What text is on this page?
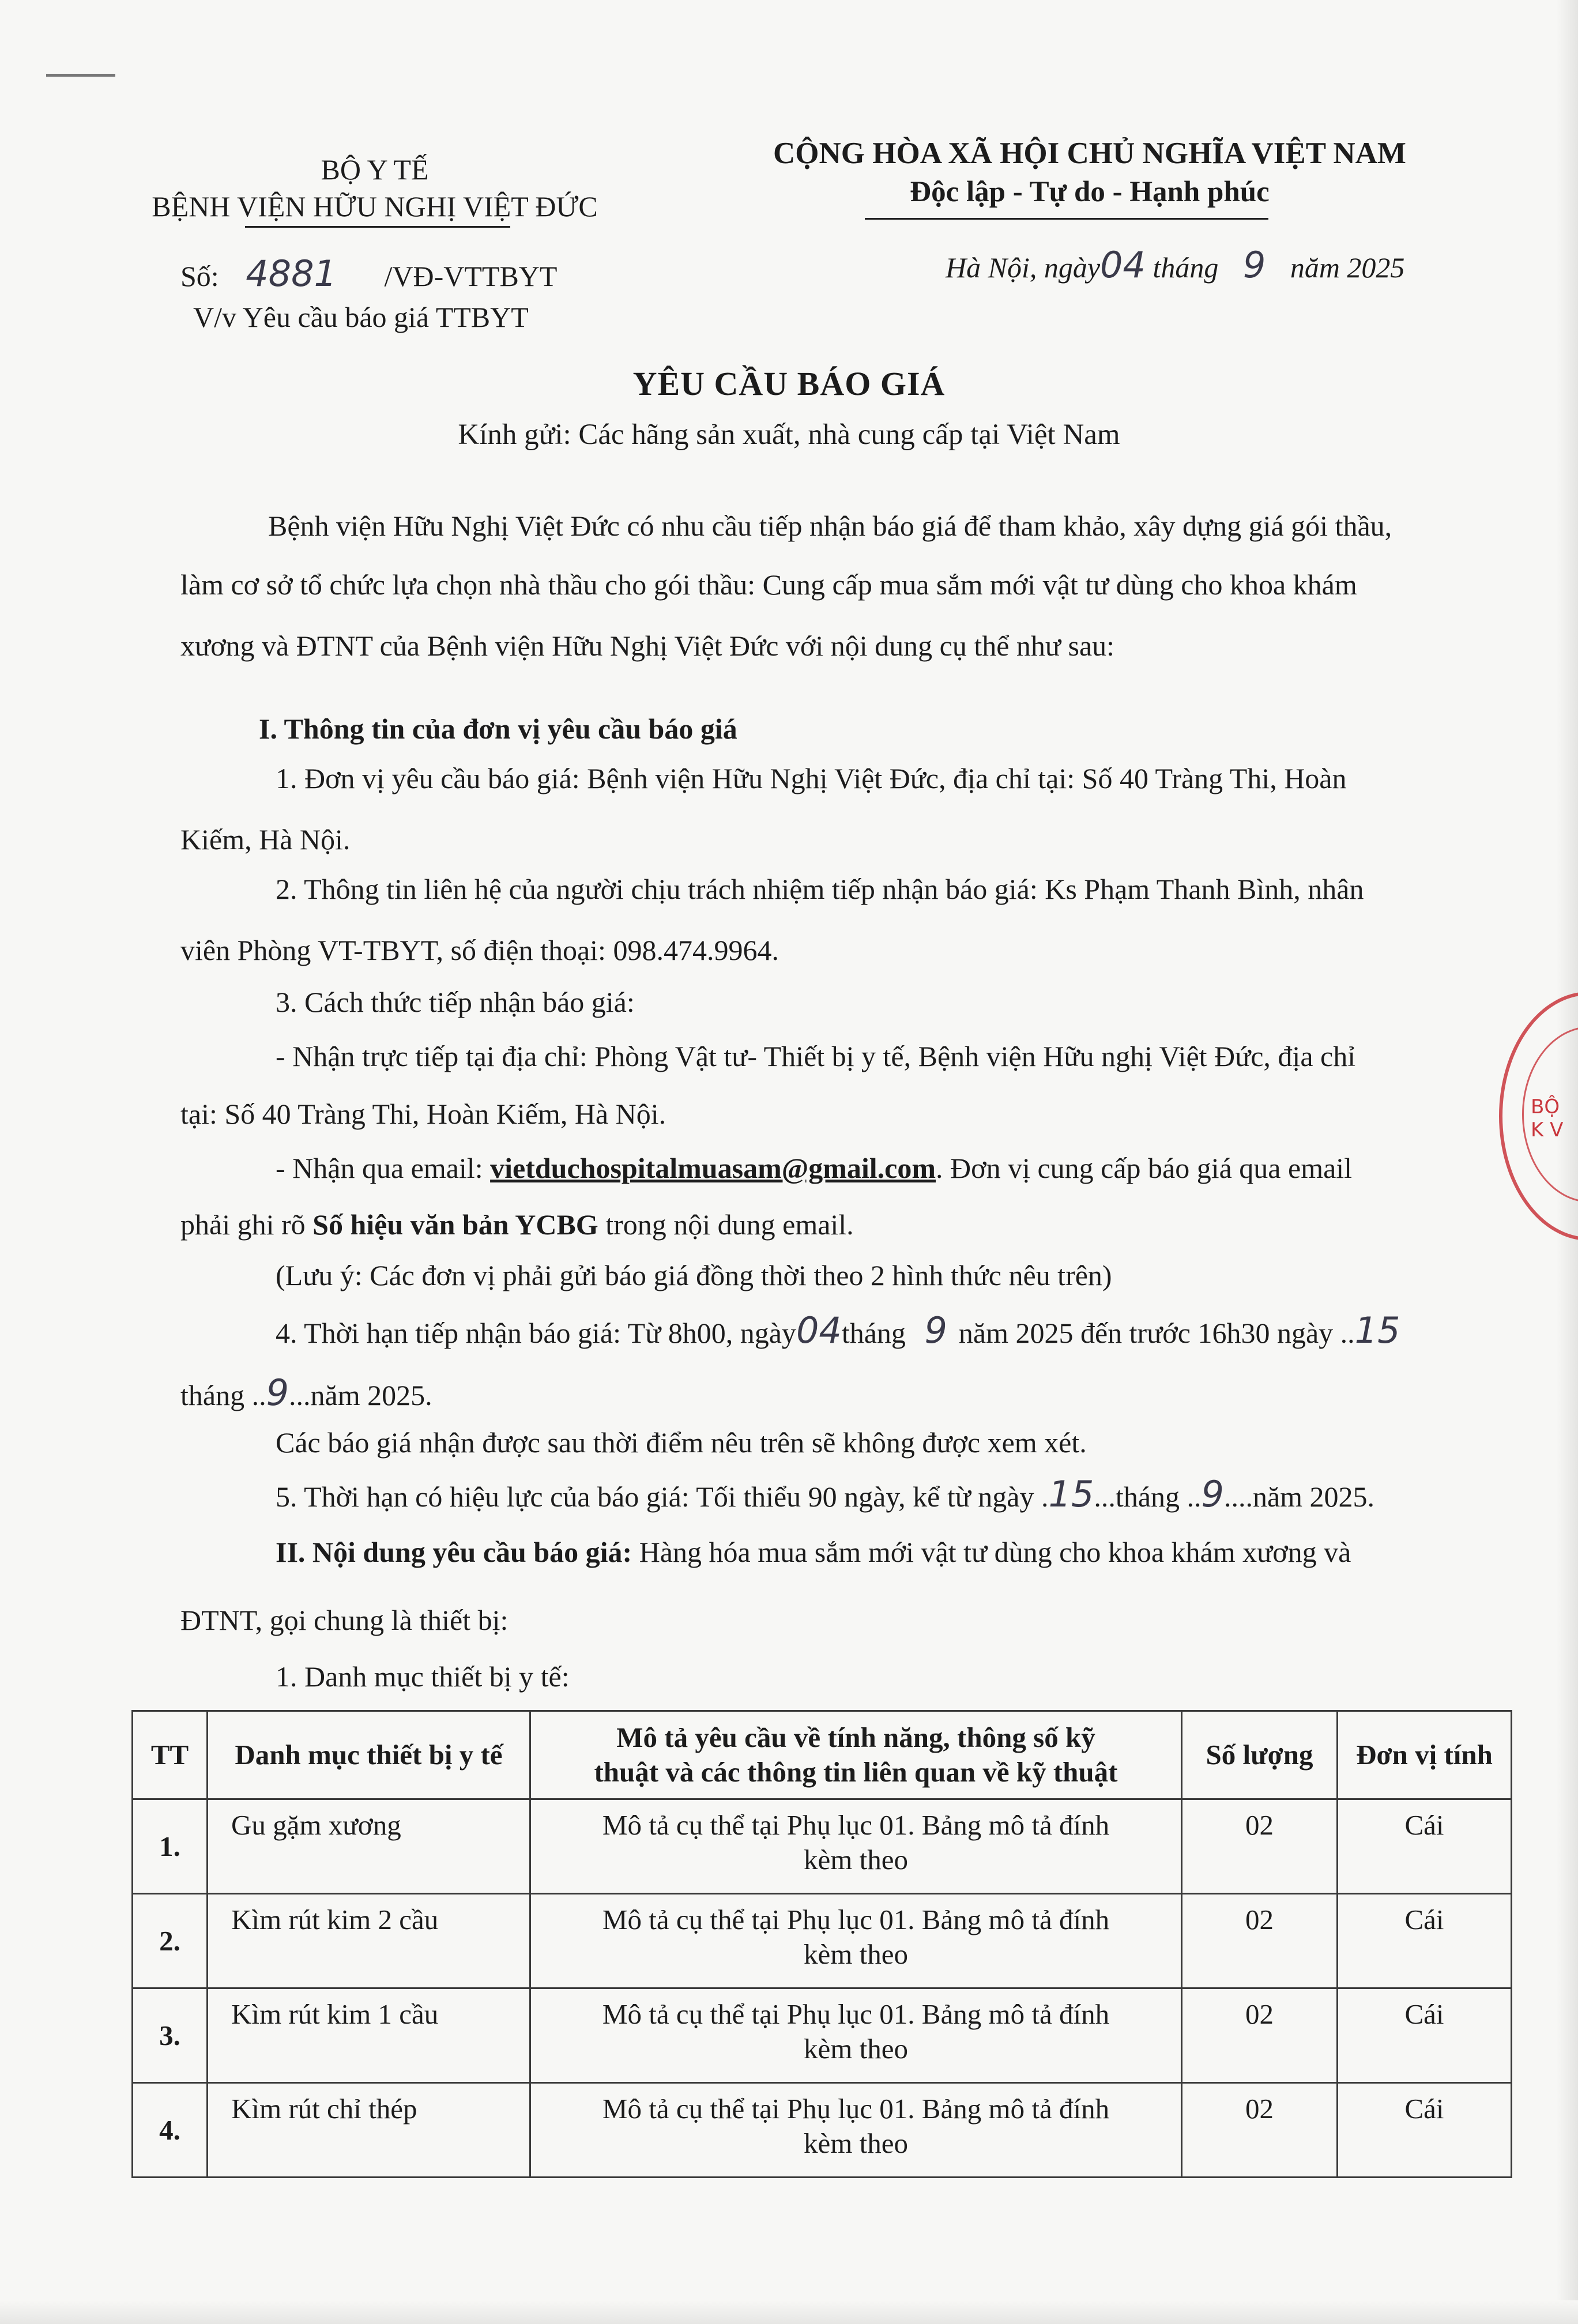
BỘ Y TẾ
BỆNH VIỆN HỮU NGHỊ VIỆT ĐỨC
CỘNG HÒA XÃ HỘI CHỦ NGHĨA VIỆT NAM
Độc lập - Tự do - Hạnh phúc
Số: 4881 /VĐ-VTTBYT
V/v Yêu cầu báo giá TTBYT
Hà Nội, ngày04 tháng 9 năm 2025
YÊU CẦU BÁO GIÁ
Kính gửi: Các hãng sản xuất, nhà cung cấp tại Việt Nam
Bệnh viện Hữu Nghị Việt Đức có nhu cầu tiếp nhận báo giá để tham khảo, xây dựng giá gói thầu,
làm cơ sở tổ chức lựa chọn nhà thầu cho gói thầu: Cung cấp mua sắm mới vật tư dùng cho khoa khám
xương và ĐTNT của Bệnh viện Hữu Nghị Việt Đức với nội dung cụ thể như sau:
I. Thông tin của đơn vị yêu cầu báo giá
1. Đơn vị yêu cầu báo giá: Bệnh viện Hữu Nghị Việt Đức, địa chỉ tại: Số 40 Tràng Thi, Hoàn
Kiếm, Hà Nội.
2. Thông tin liên hệ của người chịu trách nhiệm tiếp nhận báo giá: Ks Phạm Thanh Bình, nhân
viên Phòng VT-TBYT, số điện thoại: 098.474.9964.
3. Cách thức tiếp nhận báo giá:
- Nhận trực tiếp tại địa chỉ: Phòng Vật tư- Thiết bị y tế, Bệnh viện Hữu nghị Việt Đức, địa chỉ
tại: Số 40 Tràng Thi, Hoàn Kiếm, Hà Nội.
- Nhận qua email: vietduchospitalmuasam@gmail.com. Đơn vị cung cấp báo giá qua email
phải ghi rõ Số hiệu văn bản YCBG trong nội dung email.
(Lưu ý: Các đơn vị phải gửi báo giá đồng thời theo 2 hình thức nêu trên)
4. Thời hạn tiếp nhận báo giá: Từ 8h00, ngày04tháng 9 năm 2025 đến trước 16h30 ngày ..15
tháng ..9...năm 2025.
Các báo giá nhận được sau thời điểm nêu trên sẽ không được xem xét.
5. Thời hạn có hiệu lực của báo giá: Tối thiểu 90 ngày, kể từ ngày .15...tháng ..9....năm 2025.
II. Nội dung yêu cầu báo giá: Hàng hóa mua sắm mới vật tư dùng cho khoa khám xương và
ĐTNT, gọi chung là thiết bị:
1. Danh mục thiết bị y tế:
TT	Danh mục thiết bị y tế	Mô tả yêu cầu về tính năng, thông số kỹ
thuật và các thông tin liên quan về kỹ thuật	Số lượng	Đơn vị tính
1.	Gu gặm xương	Mô tả cụ thể tại Phụ lục 01. Bảng mô tả đính
kèm theo	02	Cái
2.	Kìm rút kim 2 cầu	Mô tả cụ thể tại Phụ lục 01. Bảng mô tả đính
kèm theo	02	Cái
3.	Kìm rút kim 1 cầu	Mô tả cụ thể tại Phụ lục 01. Bảng mô tả đính
kèm theo	02	Cái
4.	Kìm rút chỉ thép	Mô tả cụ thể tại Phụ lục 01. Bảng mô tả đính
kèm theo	02	Cái
BỘ K V
